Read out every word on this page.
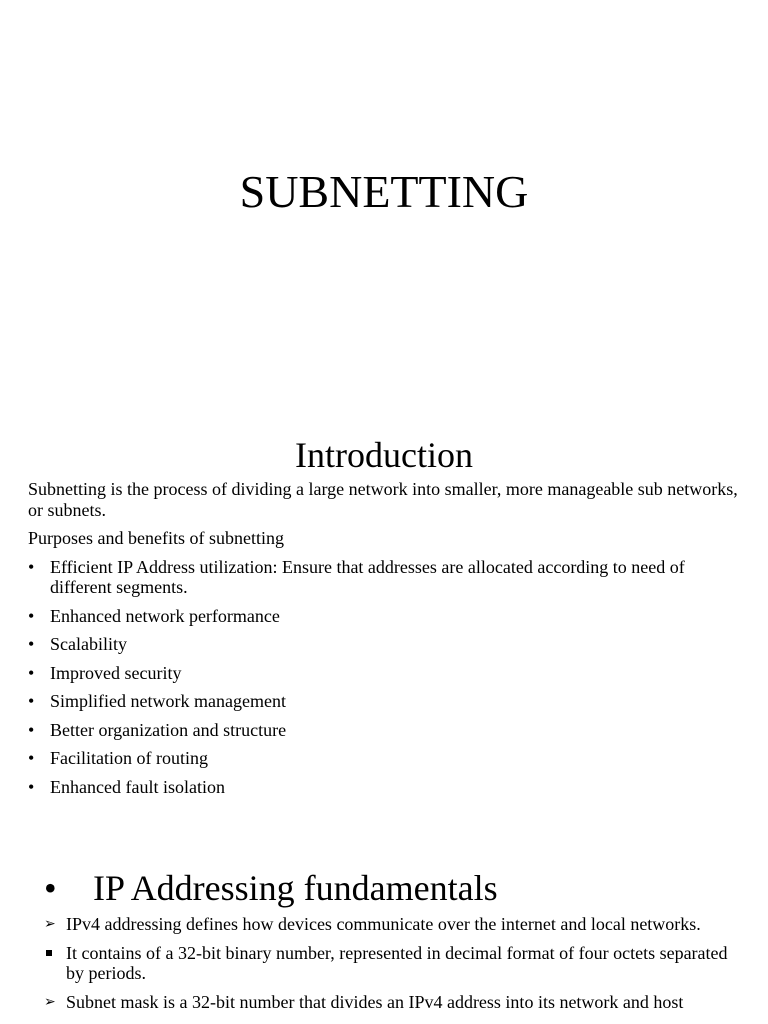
SUBNETTING
Introduction

Subnetting is the process of dividing a large network into smaller, more manageable sub networks, or subnets.

Purposes and benefits of subnetting

• Efficient IP Address utilization: Ensure that addresses are allocated according to need of different segments.
• Enhanced network performance
• Scalability
• Improved security
• Simplified network management
• Better organization and structure
• Facilitation of routing
• Enhanced fault isolation
• IP Addressing fundamentals
➢ IPv4 addressing defines how devices communicate over the internet and local networks.
It contains of a 32-bit binary number, represented in decimal format of four octets separated by periods.
➢ Subnet mask is a 32-bit number that divides an IPv4 address into its network and host
